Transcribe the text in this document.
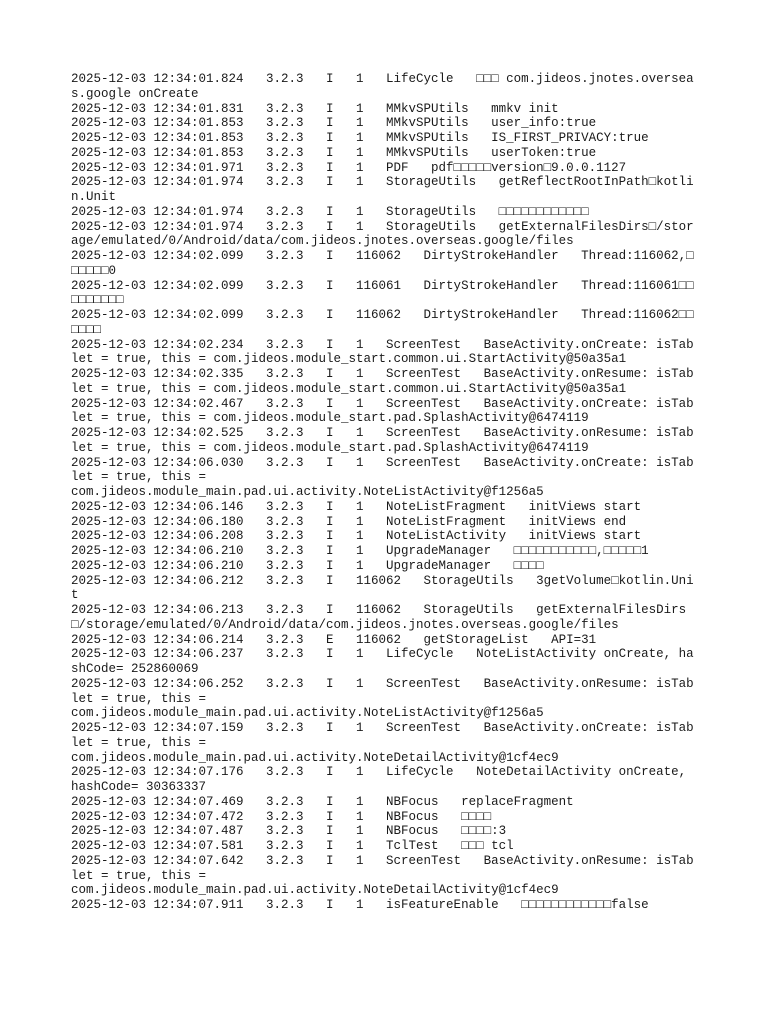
2025-12-03 12:34:01.824   3.2.3   I   1   LifeCycle   □□□ com.jideos.jnotes.overseas.google onCreate
2025-12-03 12:34:01.831   3.2.3   I   1   MMkvSPUtils   mmkv init
2025-12-03 12:34:01.853   3.2.3   I   1   MMkvSPUtils   user_info:true
2025-12-03 12:34:01.853   3.2.3   I   1   MMkvSPUtils   IS_FIRST_PRIVACY:true
2025-12-03 12:34:01.853   3.2.3   I   1   MMkvSPUtils   userToken:true
2025-12-03 12:34:01.971   3.2.3   I   1   PDF   pdf□□□□□version□9.0.0.1127
2025-12-03 12:34:01.974   3.2.3   I   1   StorageUtils   getReflectRootInPath□kotlin.Unit
2025-12-03 12:34:01.974   3.2.3   I   1   StorageUtils   □□□□□□□□□□□□
2025-12-03 12:34:01.974   3.2.3   I   1   StorageUtils   getExternalFilesDirs□/storage/emulated/0/Android/data/com.jideos.jnotes.overseas.google/files
2025-12-03 12:34:02.099   3.2.3   I   116062   DirtyStrokeHandler   Thread:116062,□□□□□□0
2025-12-03 12:34:02.099   3.2.3   I   116061   DirtyStrokeHandler   Thread:116061□□□□□□□□□
2025-12-03 12:34:02.099   3.2.3   I   116062   DirtyStrokeHandler   Thread:116062□□□□□□
2025-12-03 12:34:02.234   3.2.3   I   1   ScreenTest   BaseActivity.onCreate: isTablet = true, this = com.jideos.module_start.common.ui.StartActivity@50a35a1
2025-12-03 12:34:02.335   3.2.3   I   1   ScreenTest   BaseActivity.onResume: isTablet = true, this = com.jideos.module_start.common.ui.StartActivity@50a35a1
2025-12-03 12:34:02.467   3.2.3   I   1   ScreenTest   BaseActivity.onCreate: isTablet = true, this = com.jideos.module_start.pad.SplashActivity@6474119
2025-12-03 12:34:02.525   3.2.3   I   1   ScreenTest   BaseActivity.onResume: isTablet = true, this = com.jideos.module_start.pad.SplashActivity@6474119
2025-12-03 12:34:06.030   3.2.3   I   1   ScreenTest   BaseActivity.onCreate: isTablet = true, this =
com.jideos.module_main.pad.ui.activity.NoteListActivity@f1256a5
2025-12-03 12:34:06.146   3.2.3   I   1   NoteListFragment   initViews start
2025-12-03 12:34:06.180   3.2.3   I   1   NoteListFragment   initViews end
2025-12-03 12:34:06.208   3.2.3   I   1   NoteListActivity   initViews start
2025-12-03 12:34:06.210   3.2.3   I   1   UpgradeManager   □□□□□□□□□□□,□□□□□1
2025-12-03 12:34:06.210   3.2.3   I   1   UpgradeManager   □□□□
2025-12-03 12:34:06.212   3.2.3   I   116062   StorageUtils   3getVolume□kotlin.Unit
2025-12-03 12:34:06.213   3.2.3   I   116062   StorageUtils   getExternalFilesDirs□/storage/emulated/0/Android/data/com.jideos.jnotes.overseas.google/files
2025-12-03 12:34:06.214   3.2.3   E   116062   getStorageList   API=31
2025-12-03 12:34:06.237   3.2.3   I   1   LifeCycle   NoteListActivity onCreate, hashCode= 252860069
2025-12-03 12:34:06.252   3.2.3   I   1   ScreenTest   BaseActivity.onResume: isTablet = true, this =
com.jideos.module_main.pad.ui.activity.NoteListActivity@f1256a5
2025-12-03 12:34:07.159   3.2.3   I   1   ScreenTest   BaseActivity.onCreate: isTablet = true, this =
com.jideos.module_main.pad.ui.activity.NoteDetailActivity@1cf4ec9
2025-12-03 12:34:07.176   3.2.3   I   1   LifeCycle   NoteDetailActivity onCreate, hashCode= 30363337
2025-12-03 12:34:07.469   3.2.3   I   1   NBFocus   replaceFragment
2025-12-03 12:34:07.472   3.2.3   I   1   NBFocus   □□□□
2025-12-03 12:34:07.487   3.2.3   I   1   NBFocus   □□□□:3
2025-12-03 12:34:07.581   3.2.3   I   1   TclTest   □□□ tcl
2025-12-03 12:34:07.642   3.2.3   I   1   ScreenTest   BaseActivity.onResume: isTablet = true, this =
com.jideos.module_main.pad.ui.activity.NoteDetailActivity@1cf4ec9
2025-12-03 12:34:07.911   3.2.3   I   1   isFeatureEnable   □□□□□□□□□□□□false
